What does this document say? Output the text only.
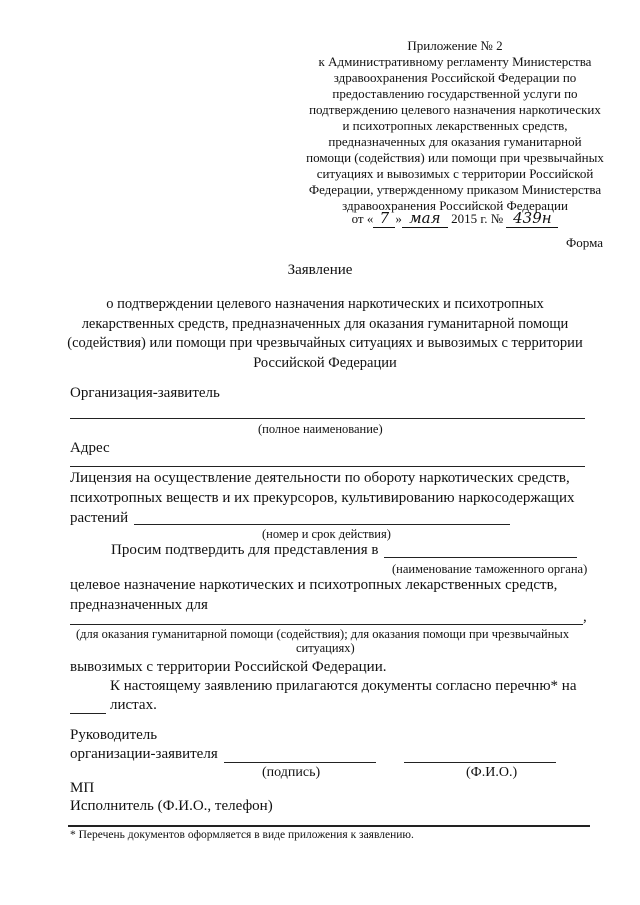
Приложение № 2
к Административному регламенту Министерства
здравоохранения Российской Федерации по
предоставлению государственной услуги по
подтверждению целевого назначения наркотических
и психотропных лекарственных средств,
предназначенных для оказания гуманитарной
помощи (содействия) или помощи при чрезвычайных
ситуациях и вывозимых с территории Российской
Федерации, утвержденному приказом Министерства
здравоохранения Российской Федерации
от « 7 » мая 2015 г. № 439н
Форма
Заявление
о подтверждении целевого назначения наркотических и психотропных лекарственных средств, предназначенных для оказания гуманитарной помощи (содействия) или помощи при чрезвычайных ситуациях и вывозимых с территории Российской Федерации
Организация-заявитель
(полное наименование)
Адрес
Лицензия на осуществление деятельности по обороту наркотических средств,
психотропных веществ и их прекурсоров, культивированию наркосодержащих
растений
(номер и срок действия)
Просим подтвердить для представления в
(наименование таможенного органа)
целевое назначение наркотических и психотропных лекарственных средств,
предназначенных для
,
(для оказания гуманитарной помощи (содействия); для оказания помощи при чрезвычайных
ситуациях)
вывозимых с территории Российской Федерации.
К настоящему заявлению прилагаются документы согласно перечню* на
листах.
Руководитель
организации-заявителя
(подпись)	(Ф.И.О.)
МП
Исполнитель (Ф.И.О., телефон)
* Перечень документов оформляется в виде приложения к заявлению.
